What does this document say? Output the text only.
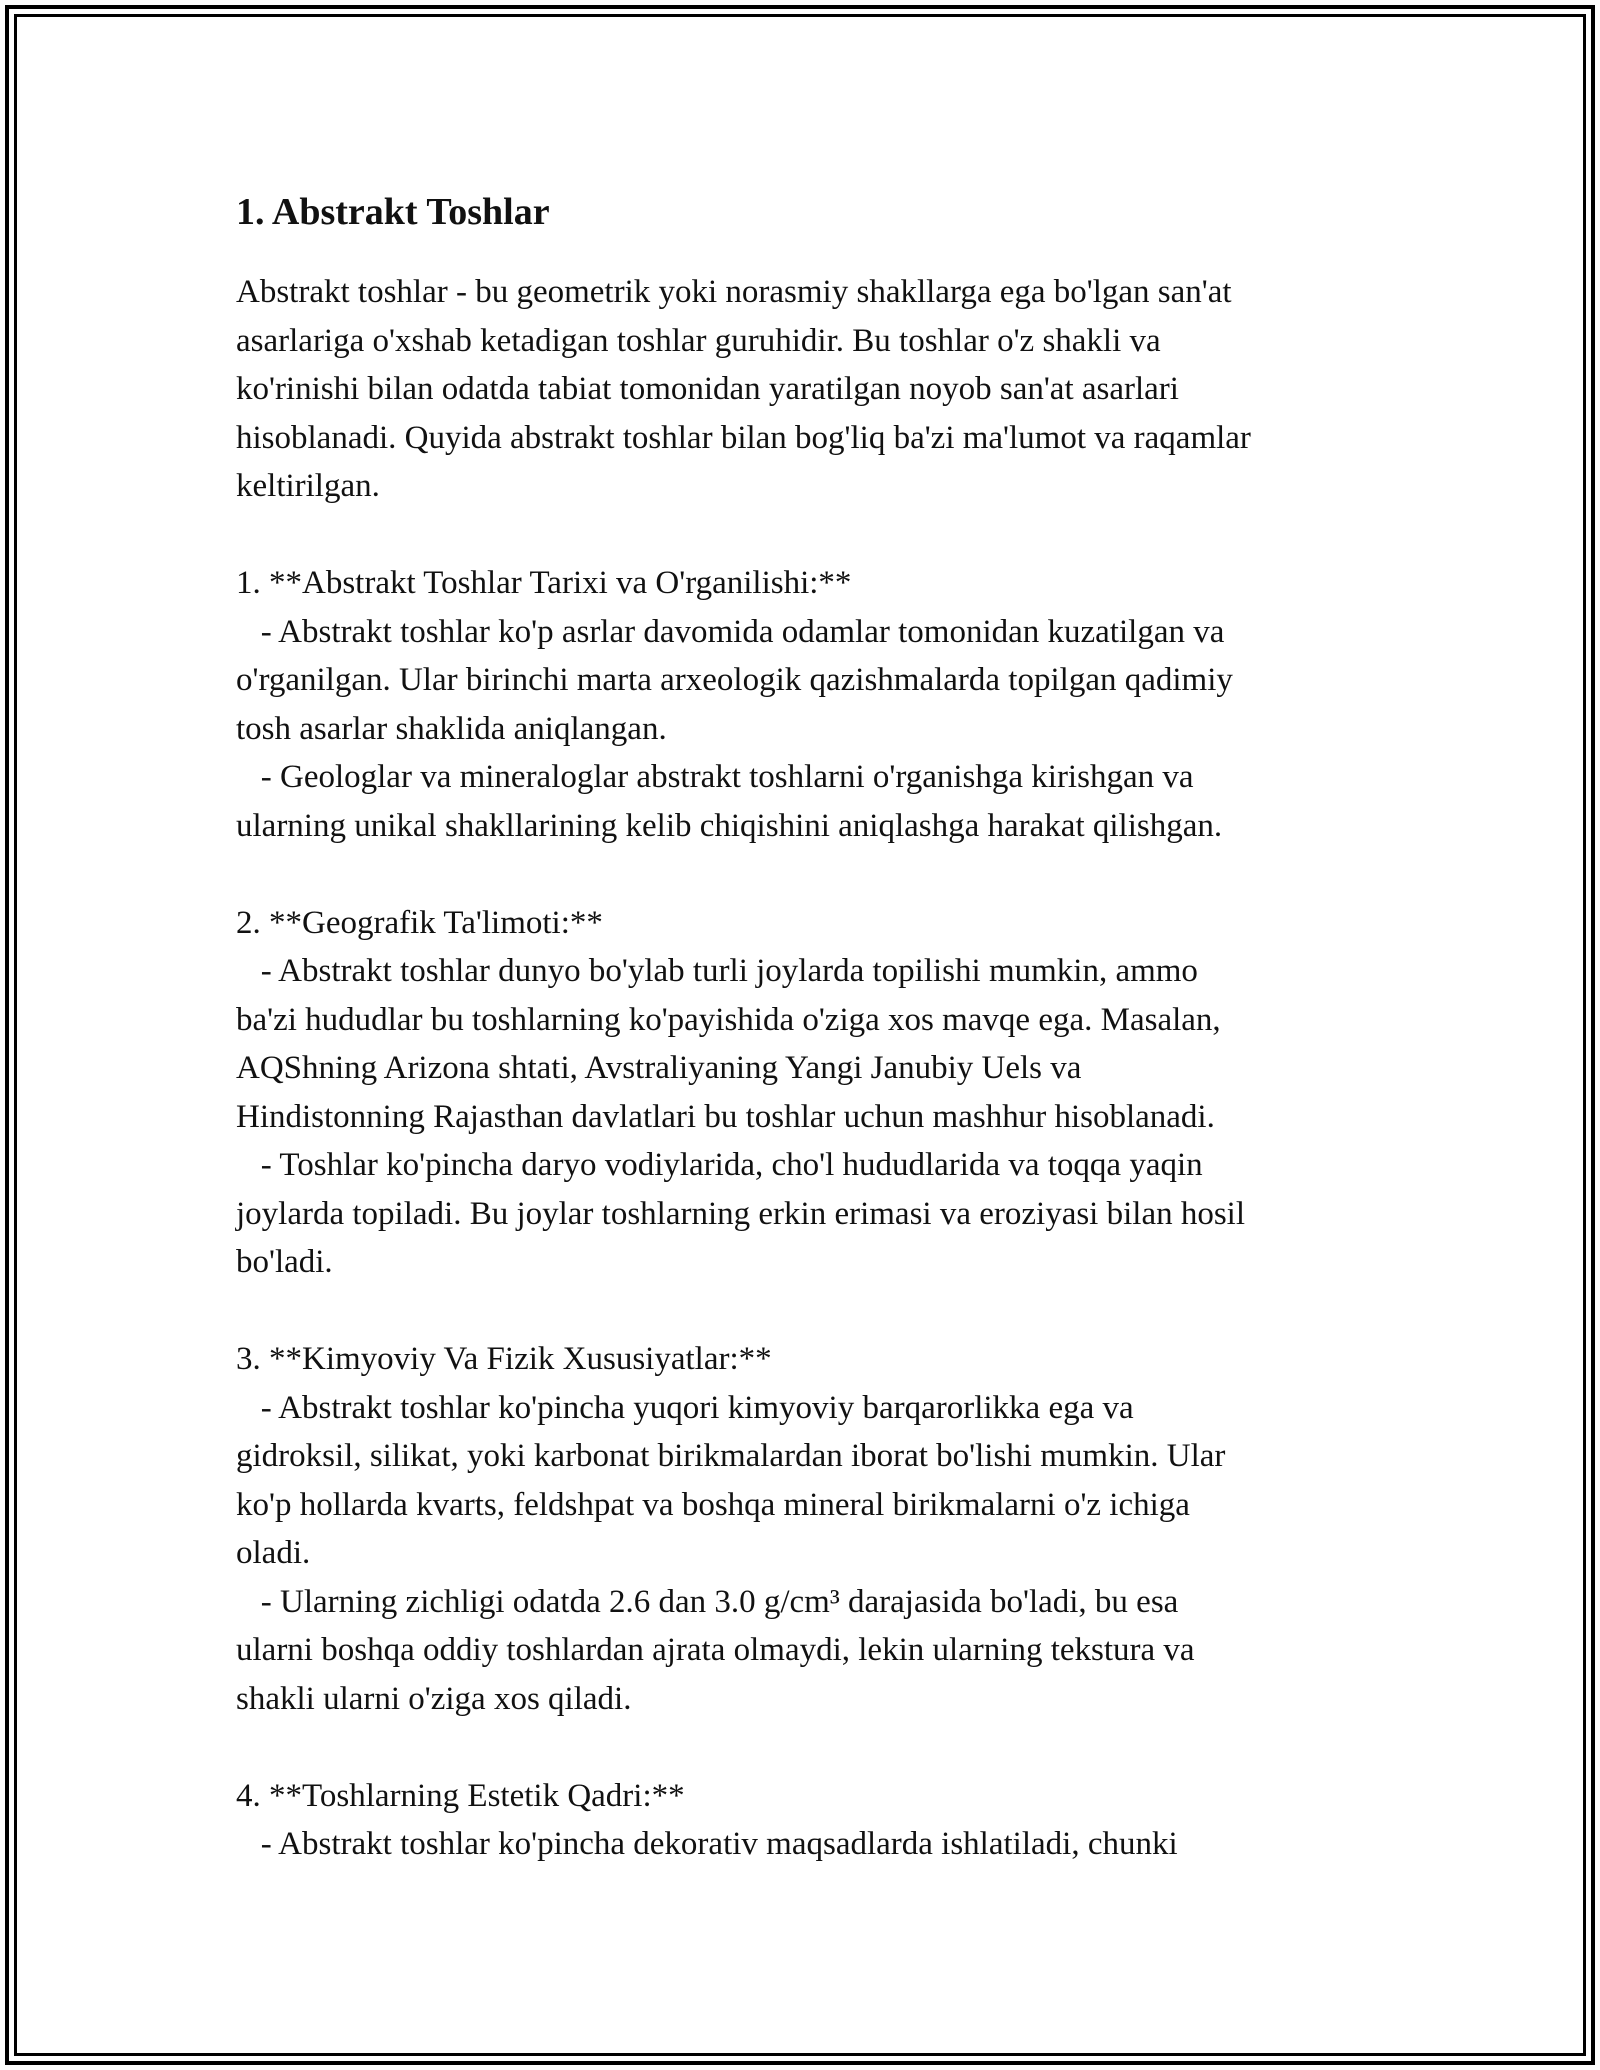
1. Abstrakt Toshlar
Abstrakt toshlar - bu geometrik yoki norasmiy shakllarga ega bo'lgan san'at
asarlariga o'xshab ketadigan toshlar guruhidir. Bu toshlar o'z shakli va
ko'rinishi bilan odatda tabiat tomonidan yaratilgan noyob san'at asarlari
hisoblanadi. Quyida abstrakt toshlar bilan bog'liq ba'zi ma'lumot va raqamlar
keltirilgan.
1. **Abstrakt Toshlar Tarixi va O'rganilishi:**
- Abstrakt toshlar ko'p asrlar davomida odamlar tomonidan kuzatilgan va
o'rganilgan. Ular birinchi marta arxeologik qazishmalarda topilgan qadimiy
tosh asarlar shaklida aniqlangan.
- Geologlar va mineraloglar abstrakt toshlarni o'rganishga kirishgan va
ularning unikal shakllarining kelib chiqishini aniqlashga harakat qilishgan.
2. **Geografik Ta'limoti:**
- Abstrakt toshlar dunyo bo'ylab turli joylarda topilishi mumkin, ammo
ba'zi hududlar bu toshlarning ko'payishida o'ziga xos mavqe ega. Masalan,
AQShning Arizona shtati, Avstraliyaning Yangi Janubiy Uels va
Hindistonning Rajasthan davlatlari bu toshlar uchun mashhur hisoblanadi.
- Toshlar ko'pincha daryo vodiylarida, cho'l hududlarida va toqqa yaqin
joylarda topiladi. Bu joylar toshlarning erkin erimasi va eroziyasi bilan hosil
bo'ladi.
3. **Kimyoviy Va Fizik Xususiyatlar:**
- Abstrakt toshlar ko'pincha yuqori kimyoviy barqarorlikka ega va
gidroksil, silikat, yoki karbonat birikmalardan iborat bo'lishi mumkin. Ular
ko'p hollarda kvarts, feldshpat va boshqa mineral birikmalarni o'z ichiga
oladi.
- Ularning zichligi odatda 2.6 dan 3.0 g/cm³ darajasida bo'ladi, bu esa
ularni boshqa oddiy toshlardan ajrata olmaydi, lekin ularning tekstura va
shakli ularni o'ziga xos qiladi.
4. **Toshlarning Estetik Qadri:**
- Abstrakt toshlar ko'pincha dekorativ maqsadlarda ishlatiladi, chunki
